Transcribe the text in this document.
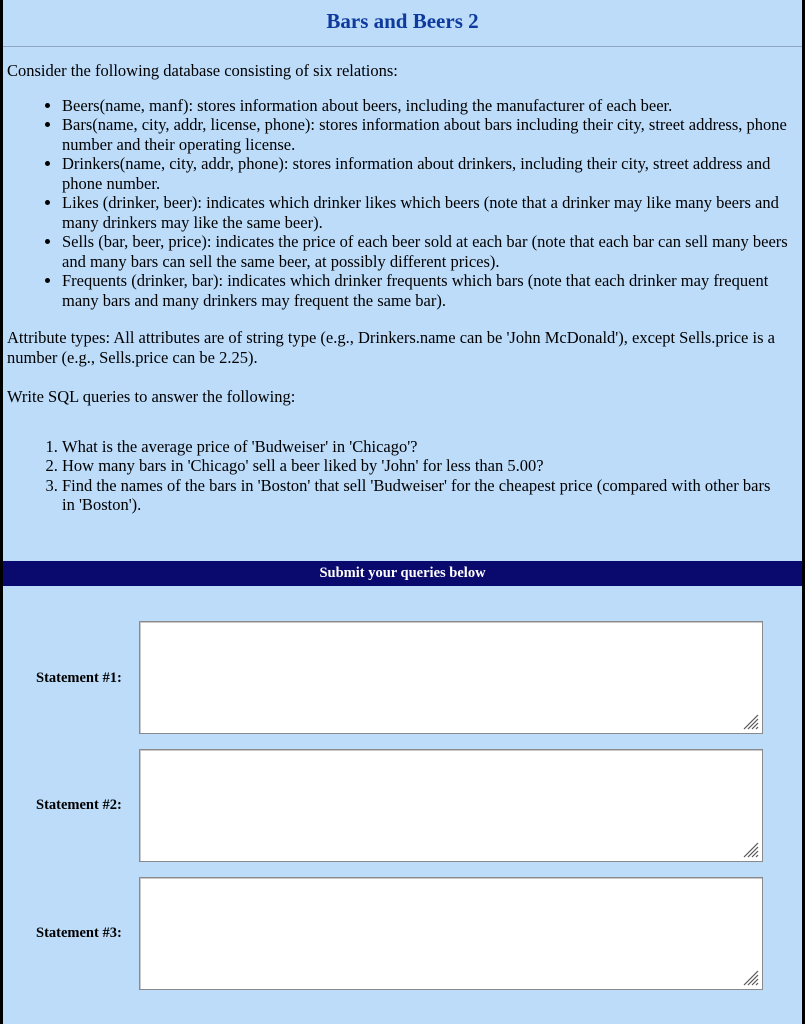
Bars and Beers 2

Consider the following database consisting of six relations:

• Beers(name, manf): stores information about beers, including the manufacturer of each beer.
• Bars(name, city, addr, license, phone): stores information about bars including their city, street address, phone number and their operating license.
• Drinkers(name, city, addr, phone): stores information about drinkers, including their city, street address and phone number.
• Likes (drinker, beer): indicates which drinker likes which beers (note that a drinker may like many beers and many drinkers may like the same beer).
• Sells (bar, beer, price): indicates the price of each beer sold at each bar (note that each bar can sell many beers and many bars can sell the same beer, at possibly different prices).
• Frequents (drinker, bar): indicates which drinker frequents which bars (note that each drinker may frequent many bars and many drinkers may frequent the same bar).

Attribute types: All attributes are of string type (e.g., Drinkers.name can be 'John McDonald'), except Sells.price is a number (e.g., Sells.price can be 2.25).

Write SQL queries to answer the following:

1. What is the average price of 'Budweiser' in 'Chicago'?
2. How many bars in 'Chicago' sell a beer liked by 'John' for less than 5.00?
3. Find the names of the bars in 'Boston' that sell 'Budweiser' for the cheapest price (compared with other bars in 'Boston').
Submit your queries below
Statement #1:
Statement #2:
Statement #3:
